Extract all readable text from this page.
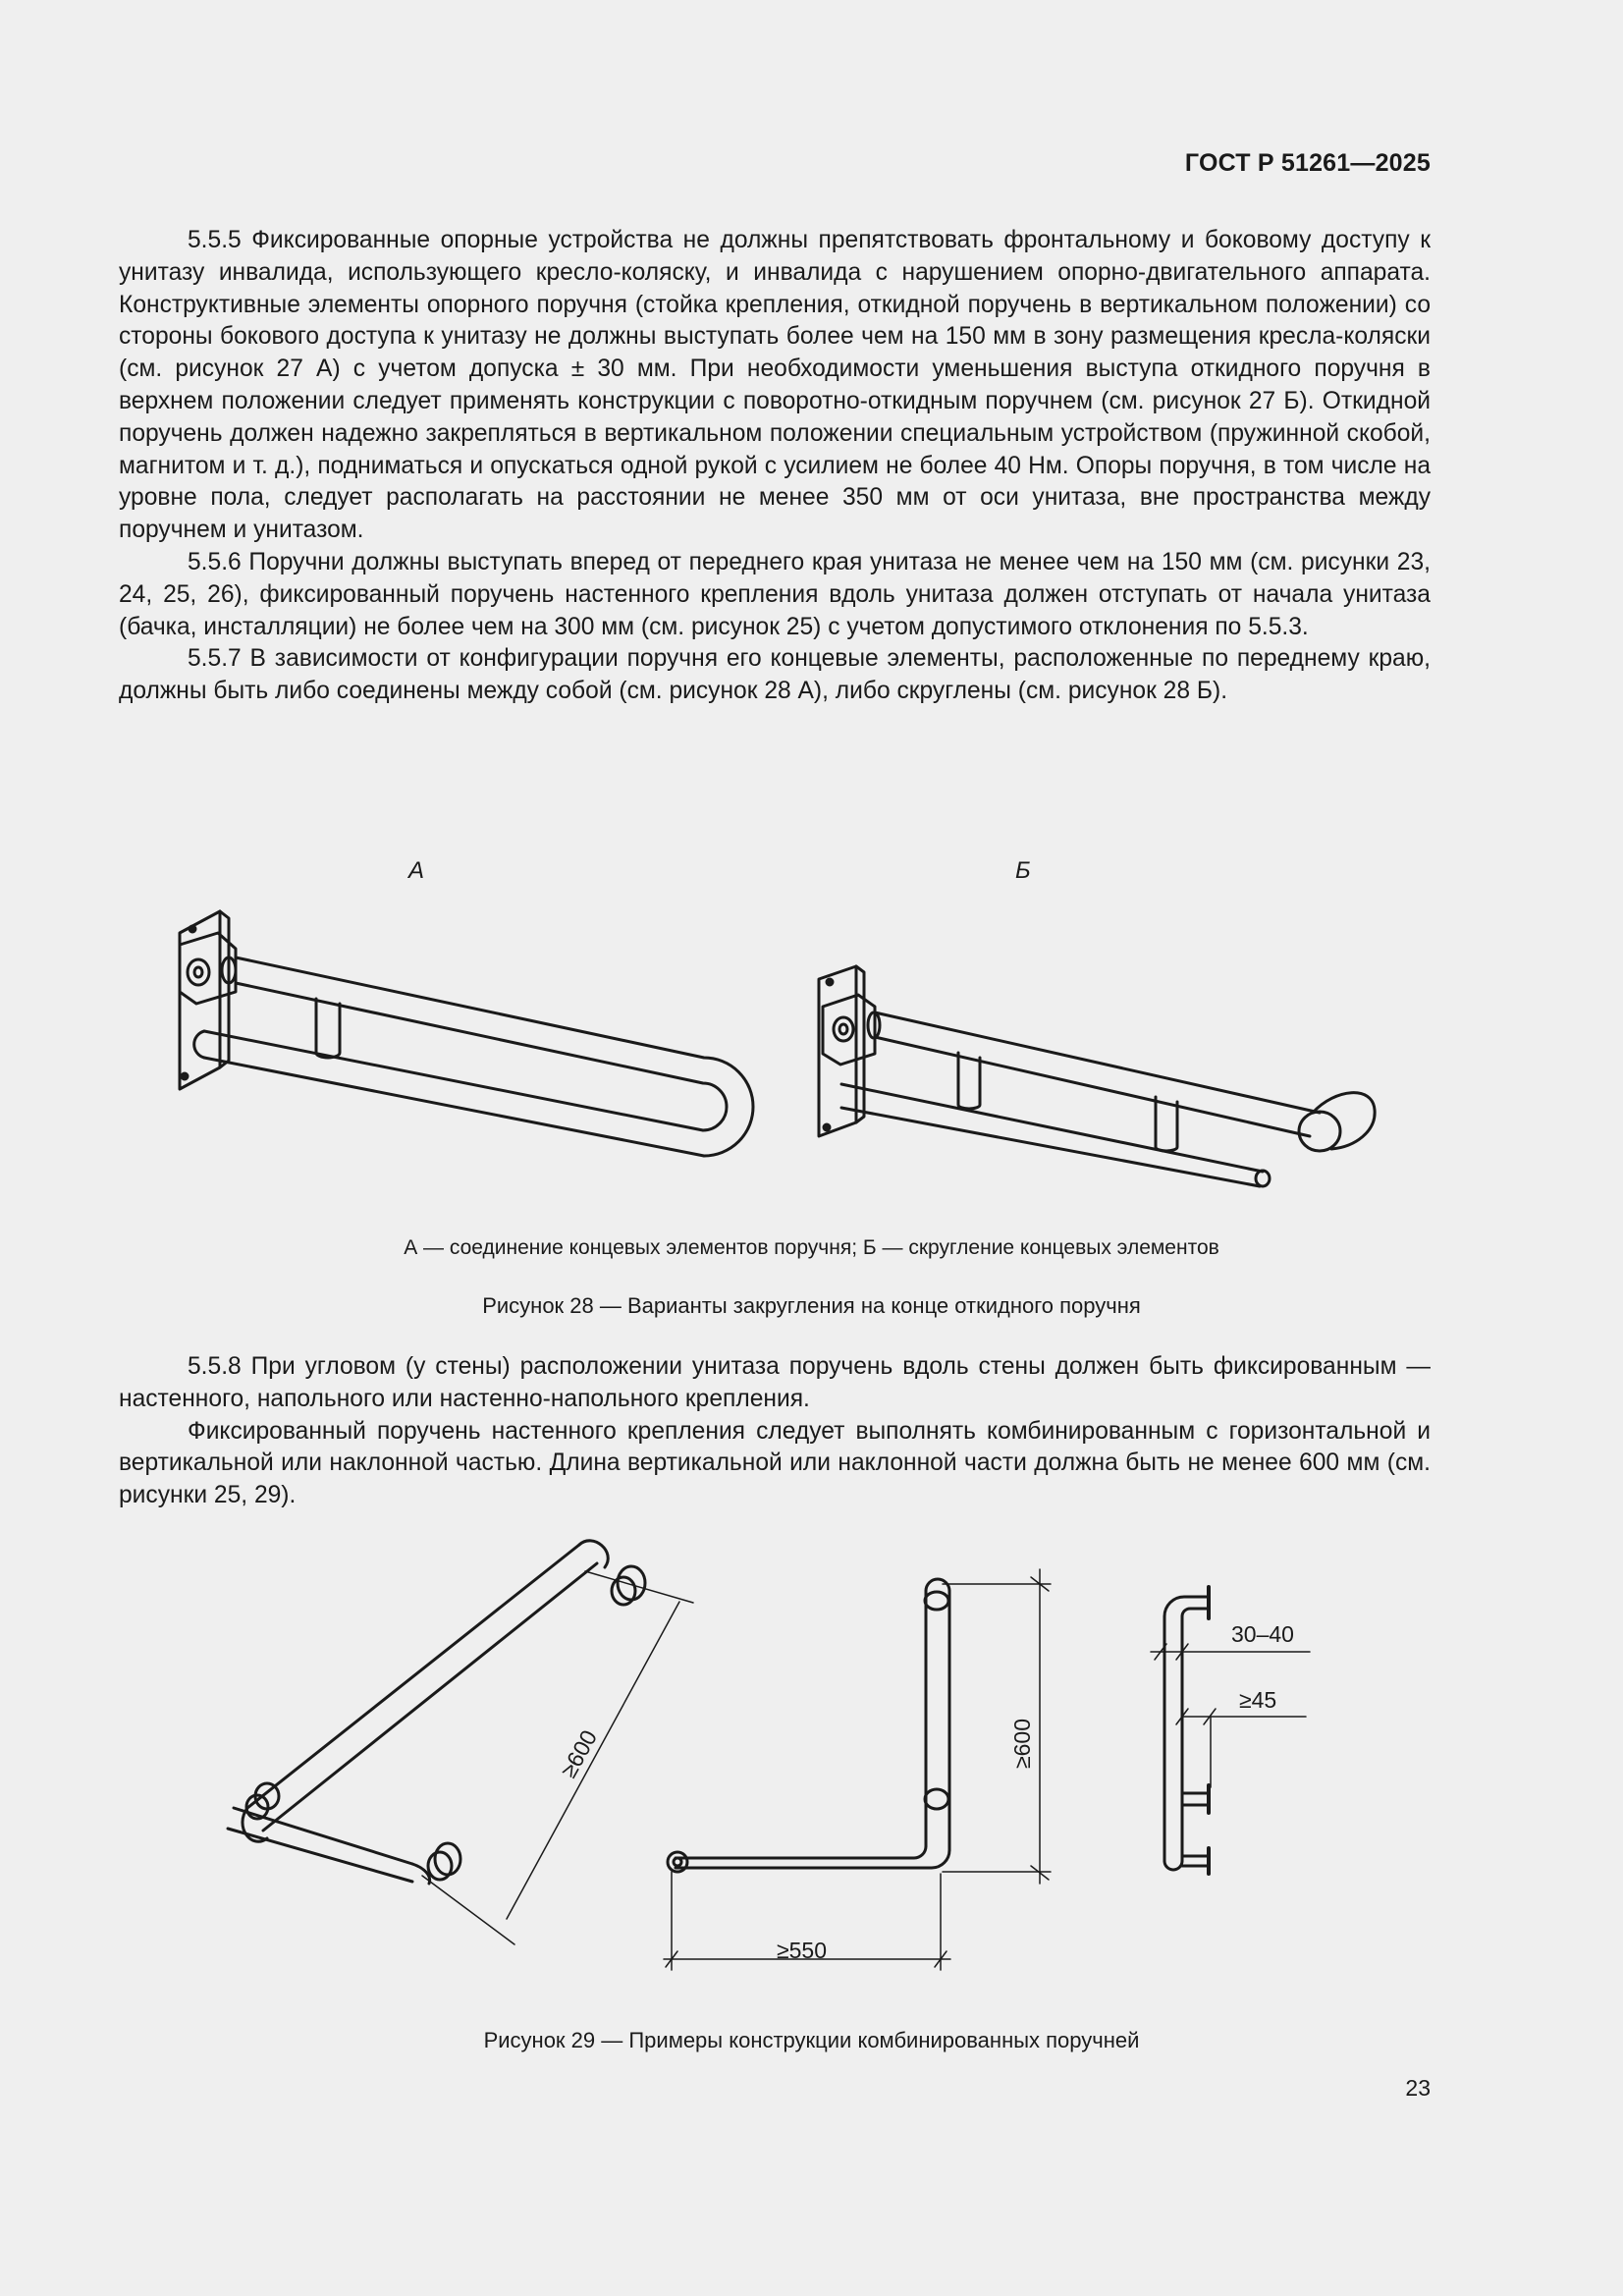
ГОСТ Р 51261—2025

5.5.5 Фиксированные опорные устройства не должны препятствовать фронтальному и боковому доступу к унитазу инвалида, использующего кресло-коляску, и инвалида с нарушением опорно-двигательного аппарата. Конструктивные элементы опорного поручня (стойка крепления, откидной поручень в вертикальном положении) со стороны бокового доступа к унитазу не должны выступать более чем на 150 мм в зону размещения кресла-коляски (см. рисунок 27 А) с учетом допуска ± 30 мм. При необходимости уменьшения выступа откидного поручня в верхнем положении следует применять конструкции с поворотно-откидным поручнем (см. рисунок 27 Б). Откидной поручень должен надежно закрепляться в вертикальном положении специальным устройством (пружинной скобой, магнитом и т. д.), подниматься и опускаться одной рукой с усилием не более 40 Нм. Опоры поручня, в том числе на уровне пола, следует располагать на расстоянии не менее 350 мм от оси унитаза, вне пространства между поручнем и унитазом.

5.5.6 Поручни должны выступать вперед от переднего края унитаза не менее чем на 150 мм (см. рисунки 23, 24, 25, 26), фиксированный поручень настенного крепления вдоль унитаза должен отступать от начала унитаза (бачка, инсталляции) не более чем на 300 мм (см. рисунок 25) с учетом допустимого отклонения по 5.5.3.

5.5.7 В зависимости от конфигурации поручня его концевые элементы, расположенные по переднему краю, должны быть либо соединены между собой (см. рисунок 28 А), либо скруглены (см. рисунок 28 Б).

А	Б
≥600	≥600
≥550
30–40
≥45
А — соединение концевых элементов поручня; Б — скругление концевых элементов
Рисунок 28 — Варианты закругления на конце откидного поручня

5.5.8 При угловом (у стены) расположении унитаза поручень вдоль стены должен быть фиксированным — настенного, напольного или настенно-напольного крепления.

Фиксированный поручень настенного крепления следует выполнять комбинированным с горизонтальной и вертикальной или наклонной частью. Длина вертикальной или наклонной части должна быть не менее 600 мм (см. рисунки 25, 29).

Рисунок 29 — Примеры конструкции комбинированных поручней
23
